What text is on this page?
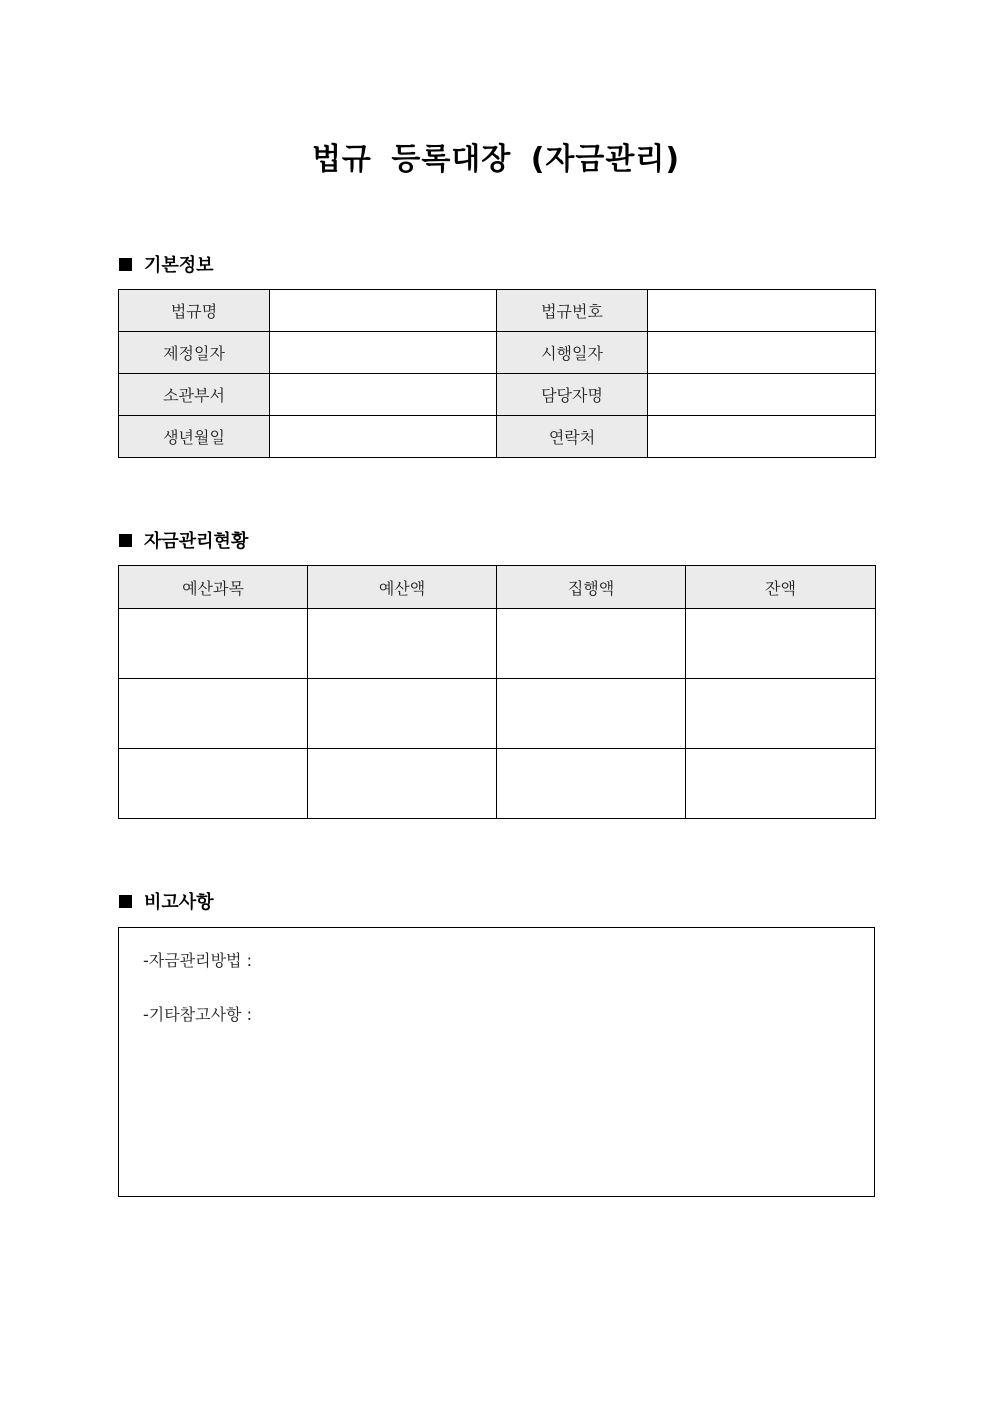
법규 등록대장 (자금관리)
기본정보
법규명		법규번호	
제정일자		시행일자	
소관부서		담당자명	
생년월일		연락처	
자금관리현황
예산과목	예산액	집행액	잔액

비고사항
-자금관리방법 :
-기타참고사항 :
